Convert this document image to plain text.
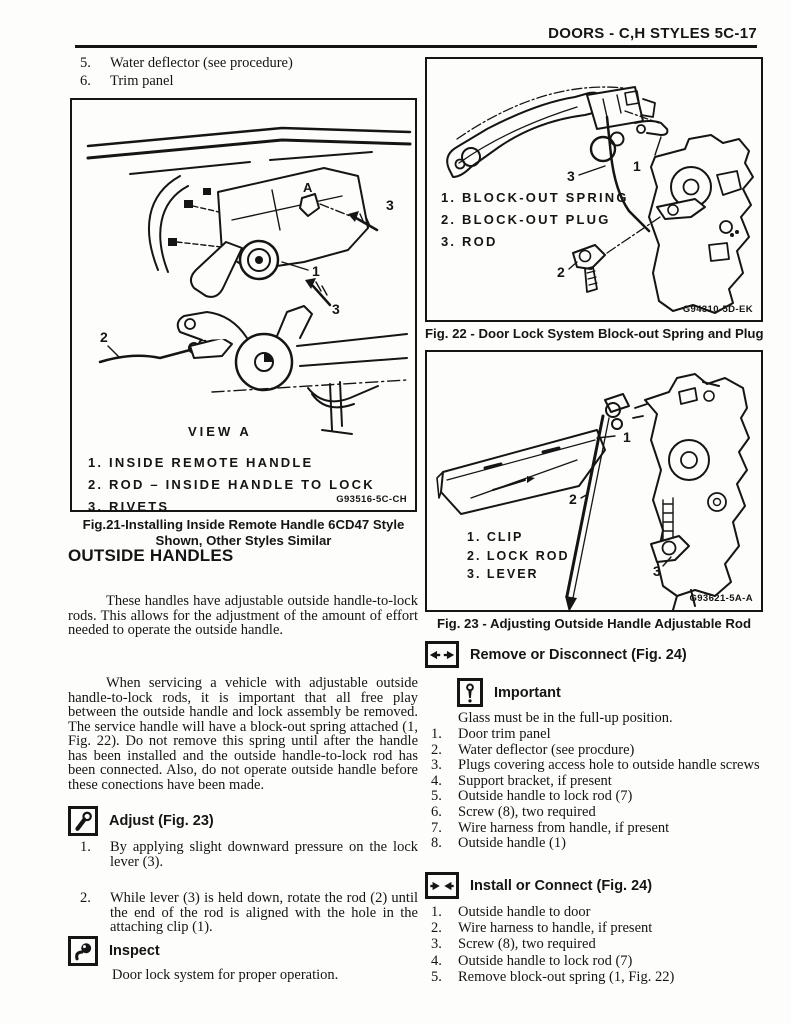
DOORS - C,H STYLES 5C-17
5.	Water deflector (see procedure)
6.	Trim panel
A
3
1
3
2
VIEW A
1. INSIDE REMOTE HANDLE
2. ROD – INSIDE HANDLE TO LOCK
3. RIVETS	G93516-5C-CH
Fig.21-Installing Inside Remote Handle 6CD47 Style
Shown, Other Styles Similar
OUTSIDE HANDLES
These handles have adjustable outside handle-to-lock rods. This allows for the adjustment of the amount of effort needed to operate the outside handle.
When servicing a vehicle with adjustable outside handle-to-lock rods, it is important that all free play between the outside handle and lock assembly be removed. The service handle will have a block-out spring attached (1, Fig. 22). Do not remove this spring until after the handle has been installed and the outside handle-to-lock rod has been connected. Also, do not operate outside handle before these conections have been made.
Adjust (Fig. 23)
1.	By applying slight downward pressure on the lock lever (3).
2.	While lever (3) is held down, rotate the rod (2) until the end of the rod is aligned with the hole in the attaching clip (1).
Inspect
Door lock system for proper operation.
1
3
2
1. BLOCK-OUT SPRING
2. BLOCK-OUT PLUG
3. ROD
G94310-5D-EK
Fig. 22 - Door Lock System Block-out Spring and Plug
1
2
3
1. CLIP
2. LOCK ROD
3. LEVER
G93621-5A-A
Fig. 23 - Adjusting Outside Handle Adjustable Rod
Remove or Disconnect (Fig. 24)
Important
Glass must be in the full-up position.
1.	Door trim panel
2.	Water deflector (see procdure)
3.	Plugs covering access hole to outside handle screws
4.	Support bracket, if present
5.	Outside handle to lock rod (7)
6.	Screw (8), two required
7.	Wire harness from handle, if present
8.	Outside handle (1)
Install or Connect (Fig. 24)
1.	Outside handle to door
2.	Wire harness to handle, if present
3.	Screw (8), two required
4.	Outside handle to lock rod (7)
5.	Remove block-out spring (1, Fig. 22)
